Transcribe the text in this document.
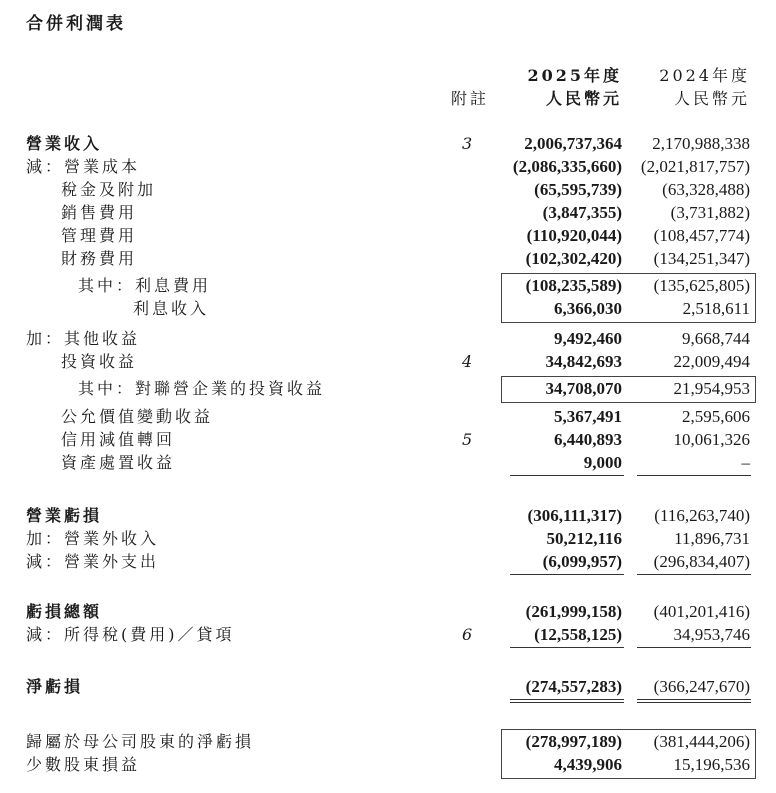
合併利潤表
附註
2025年度 2024年度
人民幣元	人民幣元
營業收入	3	2,006,737,364 2,170,988,338
減：營業成本	(2,086,335,660) (2,021,817,757)
稅金及附加	(65,595,739) (63,328,488)
銷售費用	(3,847,355)	(3,731,882)
管理費用	(110,920,044) (108,457,774)
財務費用	(102,302,420) (134,251,347)
其中：利息費用	(108,235,589) (135,625,805)
利息收入	6,366,030	2,518,611
加：其他收益	9,492,460	9,668,744
投資收益	4	34,842,693	22,009,494
其中：對聯營企業的投資收益	34,708,070	21,954,953
公允價值變動收益	5,367,491	2,595,606
信用減值轉回	5	6,440,893	10,061,326
資產處置收益	9,000	–
營業虧損	(306,111,317) (116,263,740)
加：營業外收入	50,212,116	11,896,731
減：營業外支出	(6,099,957) (296,834,407)
虧損總額	(261,999,158) (401,201,416)
減：所得稅(費用)／貸項	6	(12,558,125)	34,953,746
淨虧損	(274,557,283) (366,247,670)
歸屬於母公司股東的淨虧損	(278,997,189) (381,444,206)
少數股東損益	4,439,906	15,196,536
